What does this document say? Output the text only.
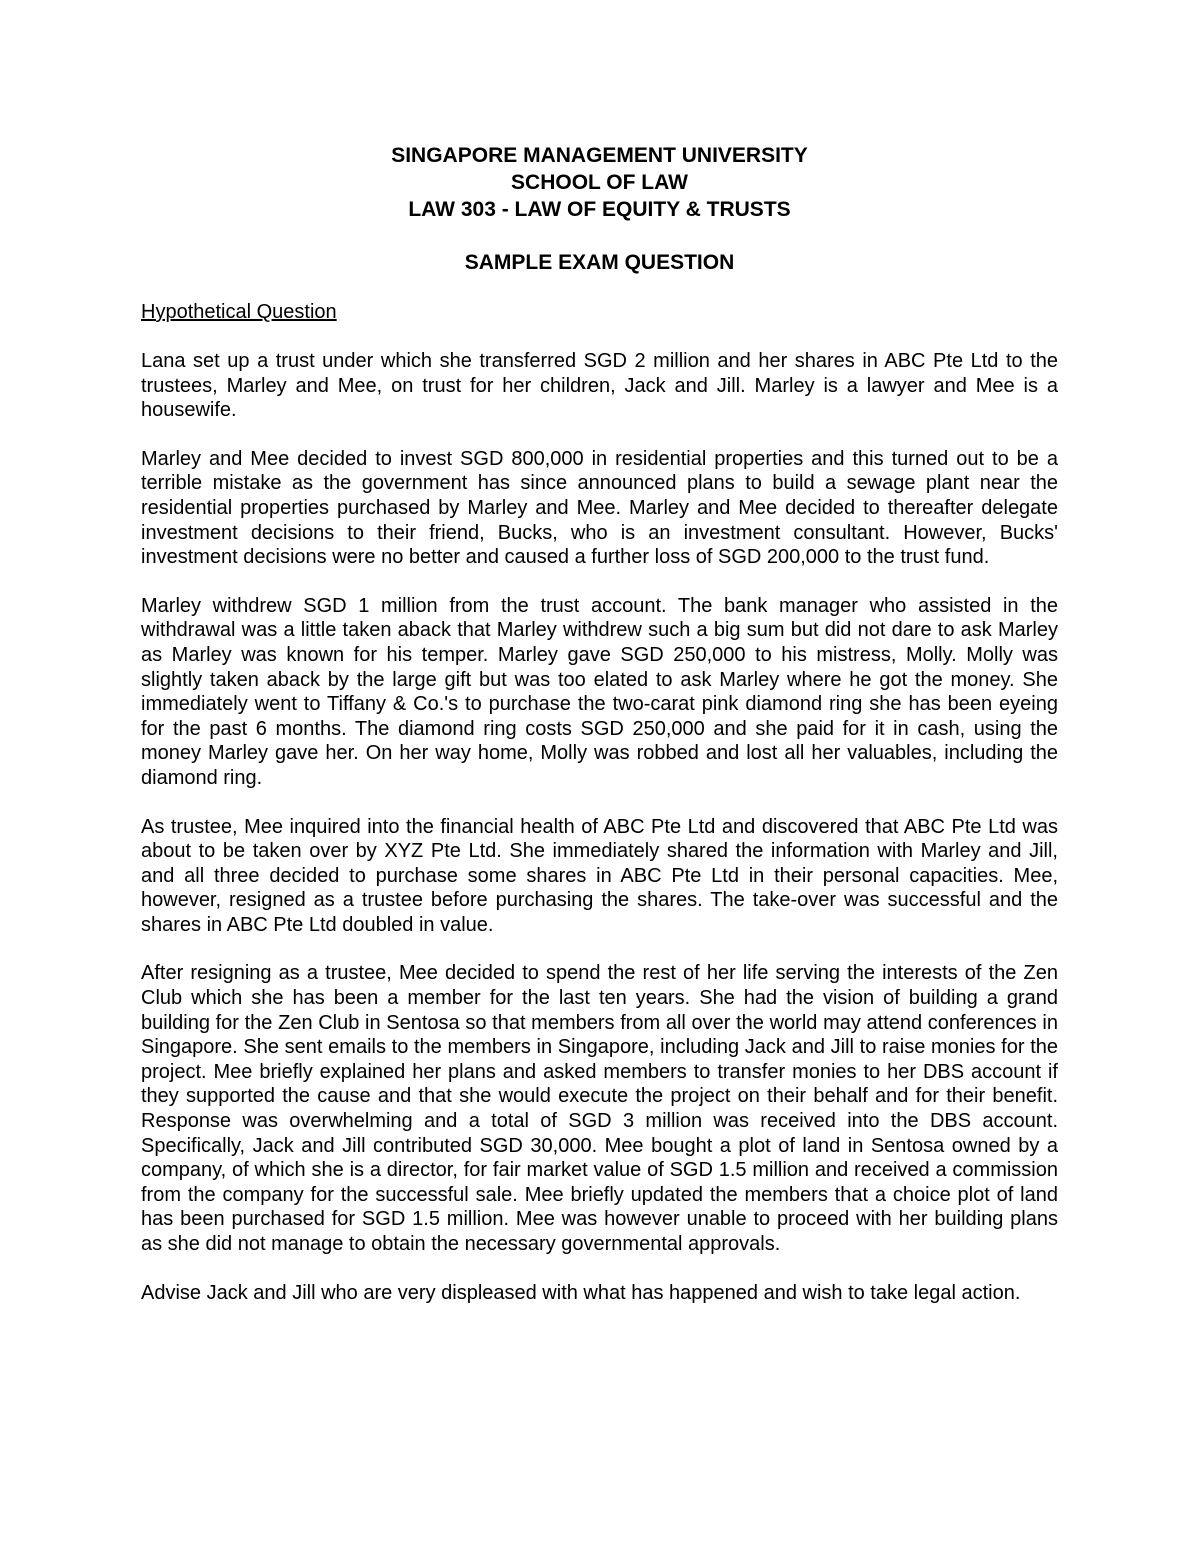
SINGAPORE MANAGEMENT UNIVERSITY
SCHOOL OF LAW
LAW 303 - LAW OF EQUITY & TRUSTS
SAMPLE EXAM QUESTION
Hypothetical Question

Lana set up a trust under which she transferred SGD 2 million and her shares in ABC Pte Ltd to the trustees, Marley and Mee, on trust for her children, Jack and Jill. Marley is a lawyer and Mee is a housewife.

Marley and Mee decided to invest SGD 800,000 in residential properties and this turned out to be a terrible mistake as the government has since announced plans to build a sewage plant near the residential properties purchased by Marley and Mee. Marley and Mee decided to thereafter delegate investment decisions to their friend, Bucks, who is an investment consultant. However, Bucks' investment decisions were no better and caused a further loss of SGD 200,000 to the trust fund.

Marley withdrew SGD 1 million from the trust account. The bank manager who assisted in the withdrawal was a little taken aback that Marley withdrew such a big sum but did not dare to ask Marley as Marley was known for his temper. Marley gave SGD 250,000 to his mistress, Molly. Molly was slightly taken aback by the large gift but was too elated to ask Marley where he got the money. She immediately went to Tiffany & Co.'s to purchase the two-carat pink diamond ring she has been eyeing for the past 6 months. The diamond ring costs SGD 250,000 and she paid for it in cash, using the money Marley gave her. On her way home, Molly was robbed and lost all her valuables, including the diamond ring.

As trustee, Mee inquired into the financial health of ABC Pte Ltd and discovered that ABC Pte Ltd was about to be taken over by XYZ Pte Ltd. She immediately shared the information with Marley and Jill, and all three decided to purchase some shares in ABC Pte Ltd in their personal capacities. Mee, however, resigned as a trustee before purchasing the shares. The take-over was successful and the shares in ABC Pte Ltd doubled in value.

After resigning as a trustee, Mee decided to spend the rest of her life serving the interests of the Zen Club which she has been a member for the last ten years. She had the vision of building a grand building for the Zen Club in Sentosa so that members from all over the world may attend conferences in Singapore. She sent emails to the members in Singapore, including Jack and Jill to raise monies for the project. Mee briefly explained her plans and asked members to transfer monies to her DBS account if they supported the cause and that she would execute the project on their behalf and for their benefit. Response was overwhelming and a total of SGD 3 million was received into the DBS account. Specifically, Jack and Jill contributed SGD 30,000. Mee bought a plot of land in Sentosa owned by a company, of which she is a director, for fair market value of SGD 1.5 million and received a commission from the company for the successful sale. Mee briefly updated the members that a choice plot of land has been purchased for SGD 1.5 million. Mee was however unable to proceed with her building plans as she did not manage to obtain the necessary governmental approvals.

Advise Jack and Jill who are very displeased with what has happened and wish to take legal action.
